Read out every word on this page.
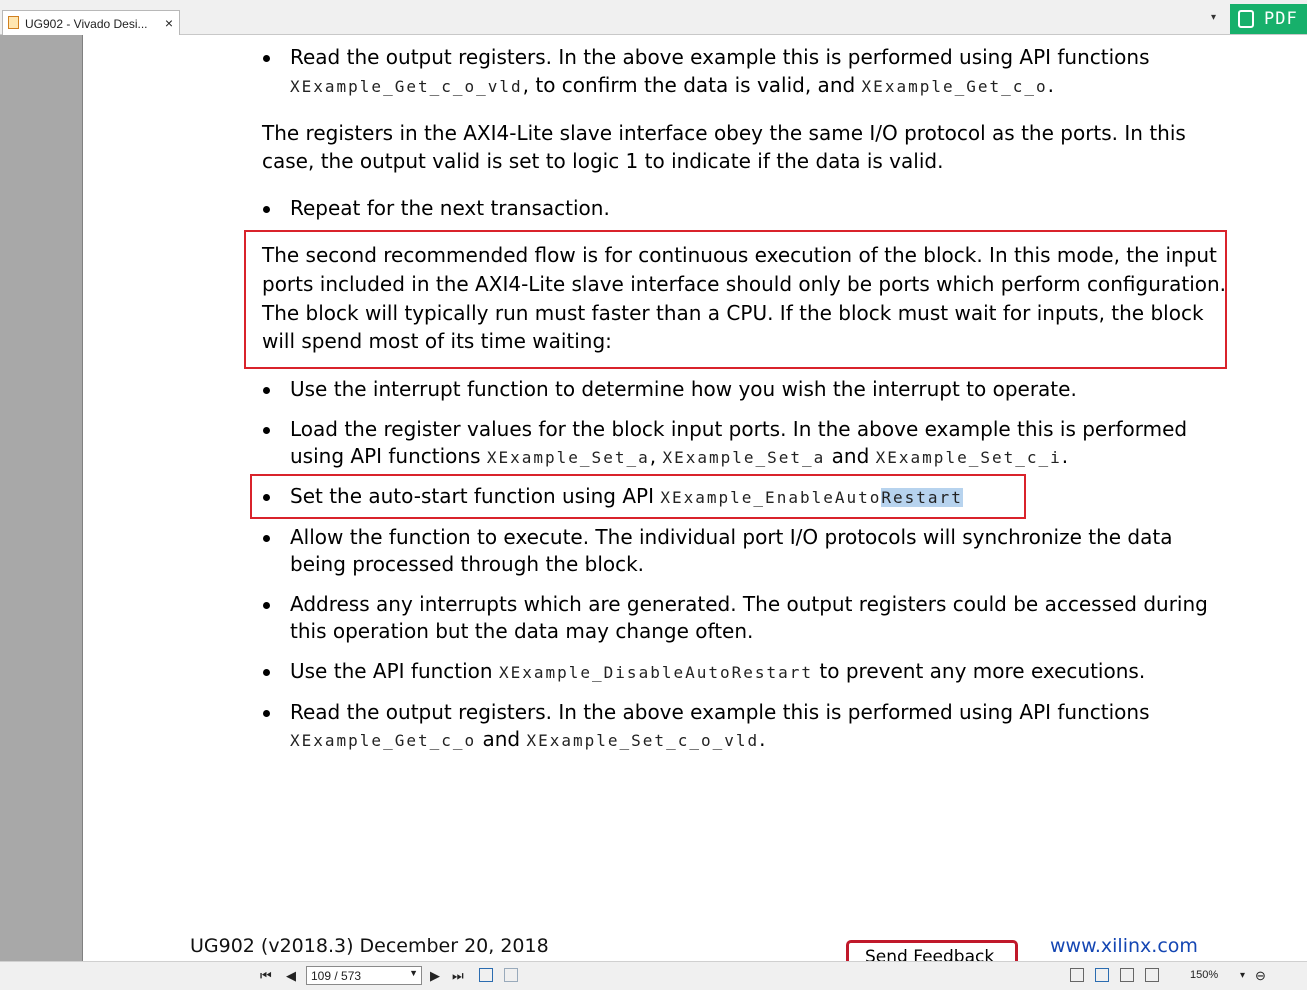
UG902 - Vivado Desi... ×	▾	PDF
Read the output registers. In the above example this is performed using API functions
XExample_Get_c_o_vld, to confirm the data is valid, and XExample_Get_c_o.
The registers in the AXI4-Lite slave interface obey the same I/O protocol as the ports. In this
case, the output valid is set to logic 1 to indicate if the data is valid.
Repeat for the next transaction.
The second recommended flow is for continuous execution of the block. In this mode, the input
ports included in the AXI4-Lite slave interface should only be ports which perform configuration.
The block will typically run must faster than a CPU. If the block must wait for inputs, the block
will spend most of its time waiting:
Use the interrupt function to determine how you wish the interrupt to operate.
Load the register values for the block input ports. In the above example this is performed
using API functions XExample_Set_a, XExample_Set_a and XExample_Set_c_i.
Set the auto-start function using API XExample_EnableAutoRestart
Allow the function to execute. The individual port I/O protocols will synchronize the data
being processed through the block.
Address any interrupts which are generated. The output registers could be accessed during
this operation but the data may change often.
Use the API function XExample_DisableAutoRestart to prevent any more executions.
Read the output registers. In the above example this is performed using API functions
XExample_Get_c_o and XExample_Set_c_o_vld.
UG902 (v2018.3) December 20, 2018	Send Feedback	www.xilinx.com
⏮ ◀ 109 / 573	▼ ▶ ⏭	150% ▾ ⊖
